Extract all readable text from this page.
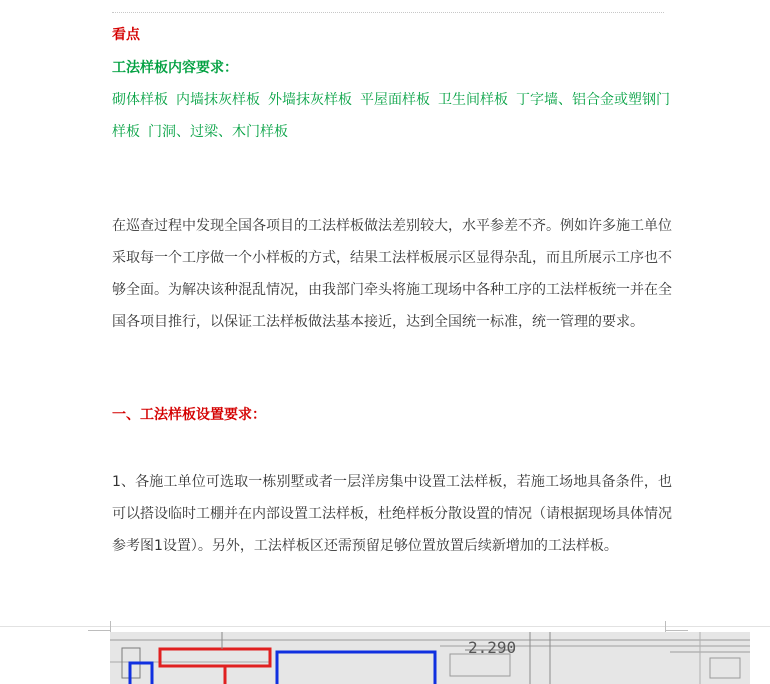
看点
工法样板内容要求：
砌体样板 内墙抹灰样板 外墙抹灰样板 平屋面样板 卫生间样板 丁字墙、铝合金或塑钢门样板 门洞、过梁、木门样板
在巡查过程中发现全国各项目的工法样板做法差别较大，水平参差不齐。例如许多施工单位采取每一个工序做一个小样板的方式，结果工法样板展示区显得杂乱，而且所展示工序也不够全面。为解决该种混乱情况，由我部门牵头将施工现场中各种工序的工法样板统一并在全国各项目推行，以保证工法样板做法基本接近，达到全国统一标准，统一管理的要求。
一、工法样板设置要求：
1、各施工单位可选取一栋别墅或者一层洋房集中设置工法样板，若施工场地具备条件，也可以搭设临时工棚并在内部设置工法样板，杜绝样板分散设置的情况（请根据现场具体情况参考图1设置）。另外，工法样板区还需预留足够位置放置后续新增加的工法样板。
2.290
